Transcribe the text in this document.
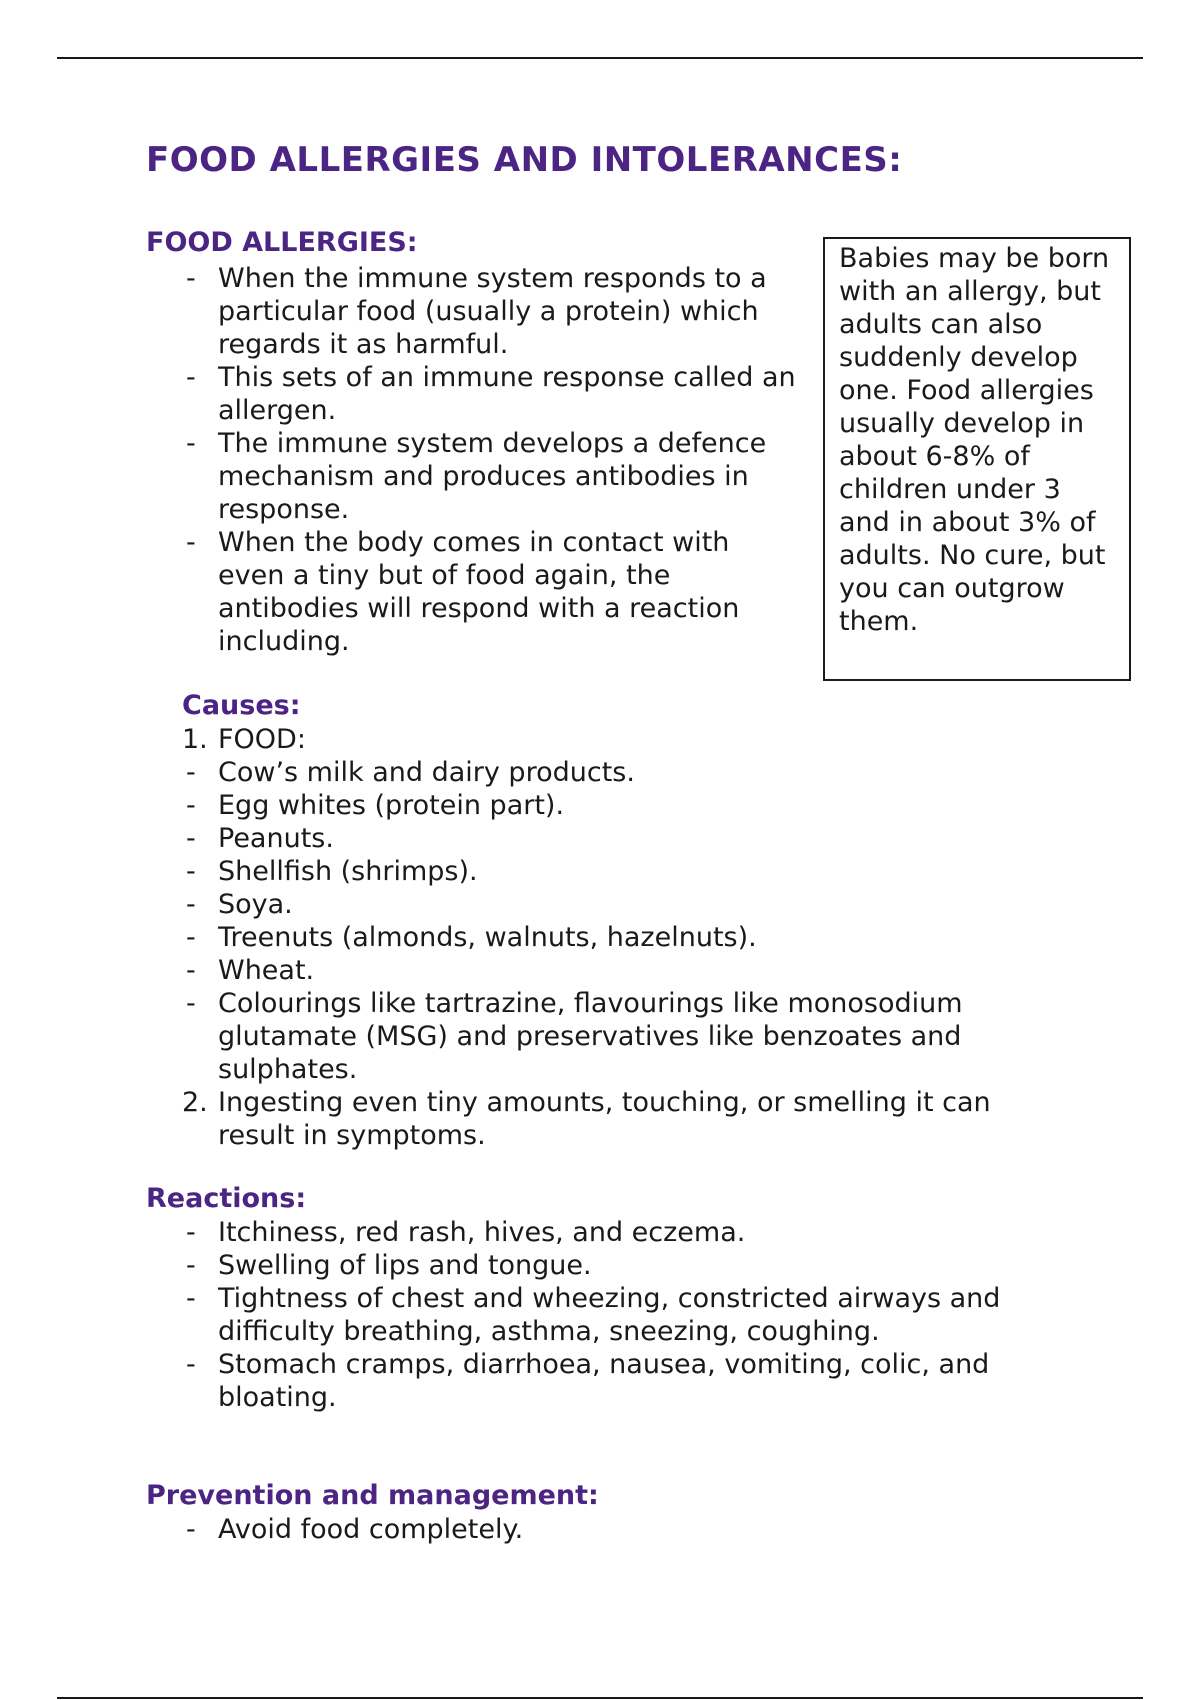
FOOD ALLERGIES AND INTOLERANCES:
FOOD ALLERGIES:
- When the immune system responds to a particular food (usually a protein) which regards it as harmful.
- This sets of an immune response called an allergen.
- The immune system develops a defence mechanism and produces antibodies in response.
- When the body comes in contact with even a tiny but of food again, the antibodies will respond with a reaction including.
Babies may be born with an allergy, but adults can also suddenly develop one. Food allergies usually develop in about 6-8% of children under 3 and in about 3% of adults. No cure, but you can outgrow them.
Causes:
1. FOOD:
- Cow’s milk and dairy products.
- Egg whites (protein part).
- Peanuts.
- Shellfish (shrimps).
- Soya.
- Treenuts (almonds, walnuts, hazelnuts).
- Wheat.
- Colourings like tartrazine, flavourings like monosodium glutamate (MSG) and preservatives like benzoates and sulphates.
2. Ingesting even tiny amounts, touching, or smelling it can result in symptoms.
Reactions:
- Itchiness, red rash, hives, and eczema.
- Swelling of lips and tongue.
- Tightness of chest and wheezing, constricted airways and difficulty breathing, asthma, sneezing, coughing.
- Stomach cramps, diarrhoea, nausea, vomiting, colic, and bloating.
Prevention and management:
- Avoid food completely.
